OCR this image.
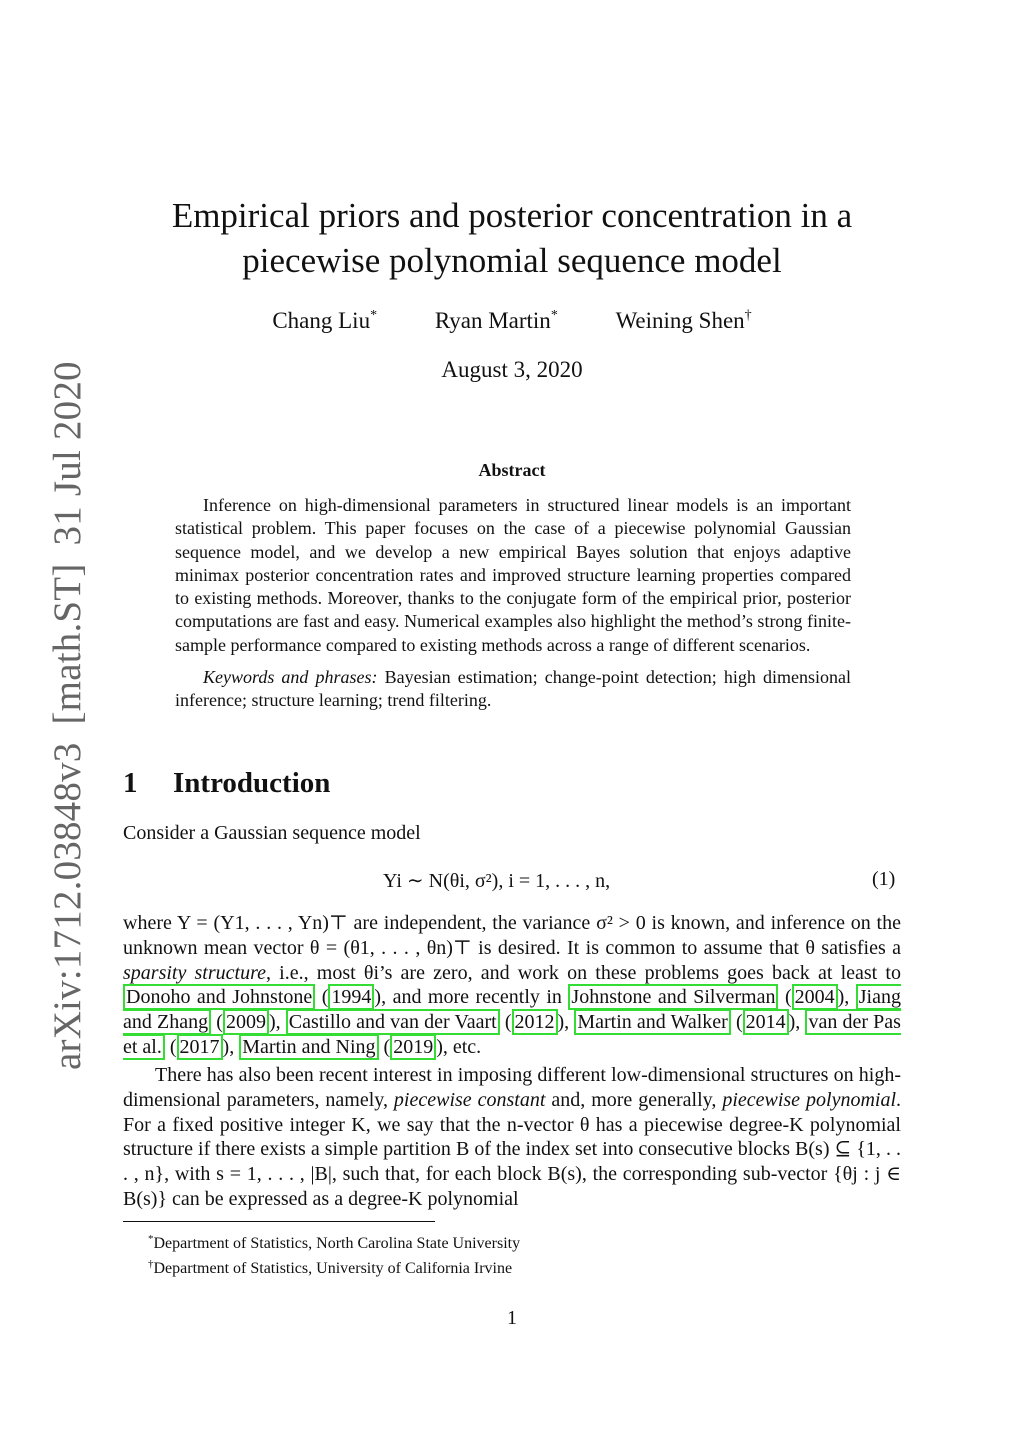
arXiv:1712.03848v3[math.ST]31 Jul 2020
Empirical priors and posterior concentration in a
piecewise polynomial sequence model
Chang Liu*	Ryan Martin*	Weining Shen†
August 3, 2020
Abstract

Inference on high-dimensional parameters in structured linear models is an important statistical problem. This paper focuses on the case of a piecewise polynomial Gaussian sequence model, and we develop a new empirical Bayes solution that enjoys adaptive minimax posterior concentration rates and improved structure learning properties compared to existing methods. Moreover, thanks to the conjugate form of the empirical prior, posterior computations are fast and easy. Numerical examples also highlight the method’s strong finite-sample performance compared to existing methods across a range of different scenarios.

Keywords and phrases: Bayesian estimation; change-point detection; high dimensional inference; structure learning; trend filtering.

1 Introduction

Consider a Gaussian sequence model

Yi ∼ N(θi, σ²), i = 1, . . . , n,	(1)

where Y = (Y1, . . . , Yn)⊤ are independent, the variance σ² > 0 is known, and inference on the unknown mean vector θ = (θ1, . . . , θn)⊤ is desired. It is common to assume that θ satisfies a sparsity structure, i.e., most θi’s are zero, and work on these problems goes back at least to Donoho and Johnstone ( 1994 ), and more recently in Johnstone and Silverman ( 2004 ), Jiang and Zhang ( 2009 ), Castillo and van der Vaart ( 2012 ), Martin and Walker ( 2014 ), van der Pas et al. ( 2017 ), Martin and Ning ( 2019 ), etc.

There has also been recent interest in imposing different low-dimensional structures on high-dimensional parameters, namely, piecewise constant and, more generally, piecewise polynomial. For a fixed positive integer K, we say that the n-vector θ has a piecewise degree-K polynomial structure if there exists a simple partition B of the index set into consecutive blocks B(s) ⊆ {1, . . . , n}, with s = 1, . . . , |B|, such that, for each block B(s), the corresponding sub-vector {θj : j ∈ B(s)} can be expressed as a degree-K polynomial

*Department of Statistics, North Carolina State University
†Department of Statistics, University of California Irvine
1
